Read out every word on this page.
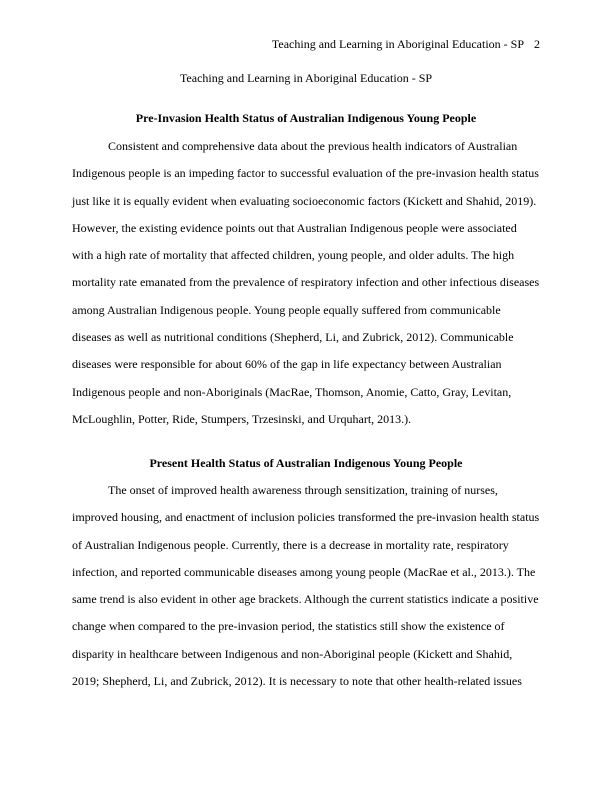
Teaching and Learning in Aboriginal Education - SP 2
Teaching and Learning in Aboriginal Education - SP
Pre-Invasion Health Status of Australian Indigenous Young People

Consistent and comprehensive data about the previous health indicators of Australian
Indigenous people is an impeding factor to successful evaluation of the pre-invasion health status
just like it is equally evident when evaluating socioeconomic factors (Kickett and Shahid, 2019).
However, the existing evidence points out that Australian Indigenous people were associated
with a high rate of mortality that affected children, young people, and older adults. The high
mortality rate emanated from the prevalence of respiratory infection and other infectious diseases
among Australian Indigenous people. Young people equally suffered from communicable
diseases as well as nutritional conditions (Shepherd, Li, and Zubrick, 2012). Communicable
diseases were responsible for about 60% of the gap in life expectancy between Australian
Indigenous people and non-Aboriginals (MacRae, Thomson, Anomie, Catto, Gray, Levitan,
McLoughlin, Potter, Ride, Stumpers, Trzesinski, and Urquhart, 2013.).

Present Health Status of Australian Indigenous Young People

The onset of improved health awareness through sensitization, training of nurses,
improved housing, and enactment of inclusion policies transformed the pre-invasion health status
of Australian Indigenous people. Currently, there is a decrease in mortality rate, respiratory
infection, and reported communicable diseases among young people (MacRae et al., 2013.). The
same trend is also evident in other age brackets. Although the current statistics indicate a positive
change when compared to the pre-invasion period, the statistics still show the existence of
disparity in healthcare between Indigenous and non-Aboriginal people (Kickett and Shahid,
2019; Shepherd, Li, and Zubrick, 2012). It is necessary to note that other health-related issues
